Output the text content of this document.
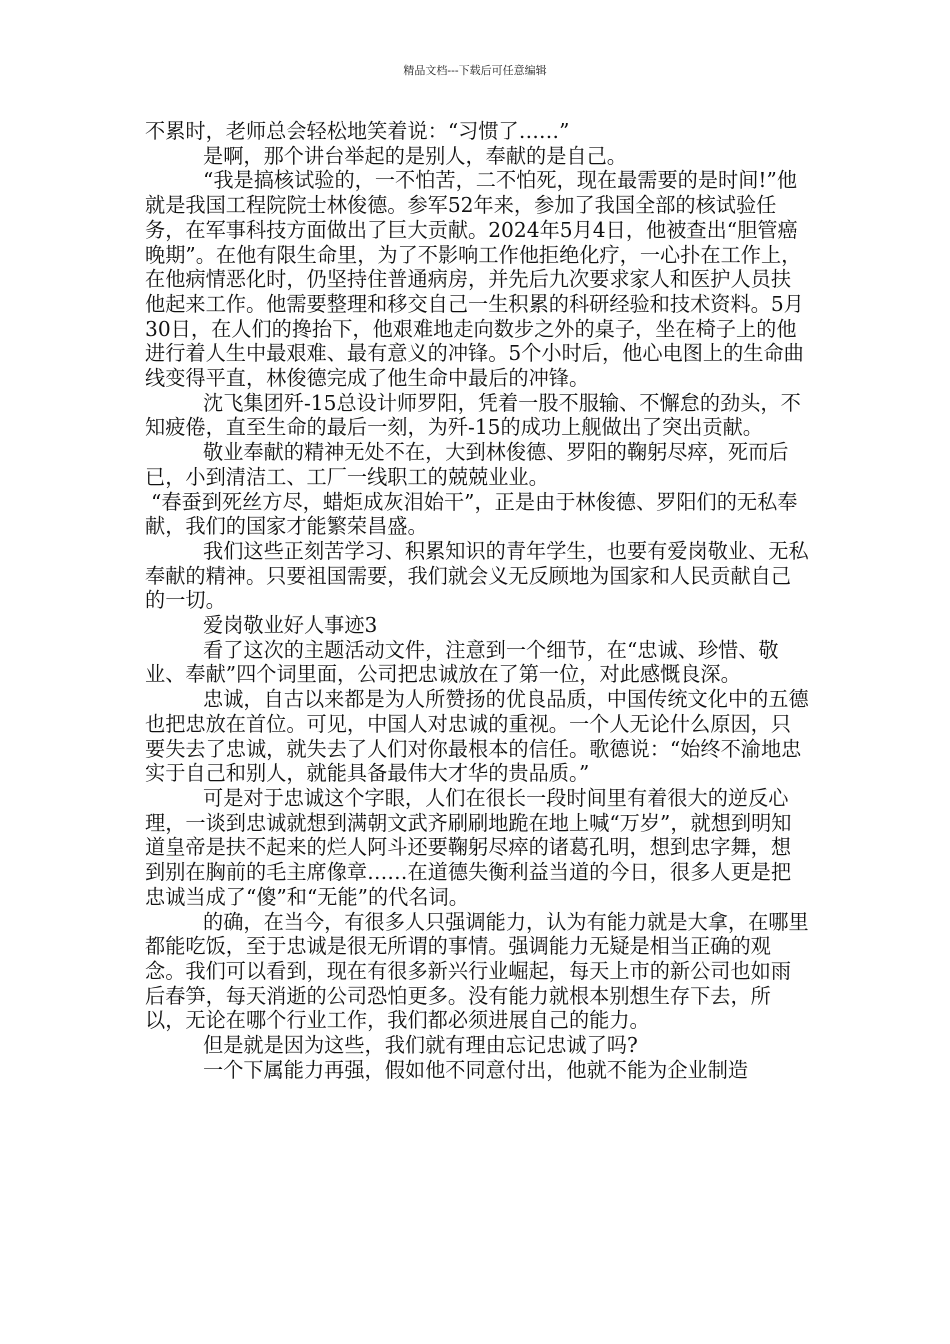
精品文档---下载后可任意编辑

不累时，老师总会轻松地笑着说：“习惯了……”

是啊，那个讲台举起的是别人，奉献的是自己。

“我是搞核试验的，一不怕苦，二不怕死，现在最需要的是时间!”他就是我国工程院院士林俊德。参军52年来，参加了我国全部的核试验任务，在军事科技方面做出了巨大贡献。2024年5月4日，他被查出“胆管癌晚期”。在他有限生命里，为了不影响工作他拒绝化疗，一心扑在工作上，在他病情恶化时，仍坚持住普通病房，并先后九次要求家人和医护人员扶他起来工作。他需要整理和移交自己一生积累的科研经验和技术资料。5月30日，在人们的搀抬下，他艰难地走向数步之外的桌子，坐在椅子上的他进行着人生中最艰难、最有意义的冲锋。5个小时后，他心电图上的生命曲线变得平直，林俊德完成了他生命中最后的冲锋。

沈飞集团歼-15总设计师罗阳，凭着一股不服输、不懈怠的劲头，不知疲倦，直至生命的最后一刻，为歼-15的成功上舰做出了突出贡献。

敬业奉献的精神无处不在，大到林俊德、罗阳的鞠躬尽瘁，死而后已，小到清洁工、工厂一线职工的兢兢业业。

“春蚕到死丝方尽，蜡炬成灰泪始干”，正是由于林俊德、罗阳们的无私奉献，我们的国家才能繁荣昌盛。

我们这些正刻苦学习、积累知识的青年学生，也要有爱岗敬业、无私奉献的精神。只要祖国需要，我们就会义无反顾地为国家和人民贡献自己的一切。

爱岗敬业好人事迹3

看了这次的主题活动文件，注意到一个细节，在“忠诚、珍惜、敬业、奉献”四个词里面，公司把忠诚放在了第一位，对此感慨良深。

忠诚，自古以来都是为人所赞扬的优良品质，中国传统文化中的五德也把忠放在首位。可见，中国人对忠诚的重视。一个人无论什么原因，只要失去了忠诚，就失去了人们对你最根本的信任。歌德说：“始终不渝地忠实于自己和别人，就能具备最伟大才华的贵品质。”

可是对于忠诚这个字眼，人们在很长一段时间里有着很大的逆反心理，一谈到忠诚就想到满朝文武齐刷刷地跪在地上喊“万岁”，就想到明知道皇帝是扶不起来的烂人阿斗还要鞠躬尽瘁的诸葛孔明，想到忠字舞，想到别在胸前的毛主席像章……在道德失衡利益当道的今日，很多人更是把忠诚当成了“傻”和“无能”的代名词。

的确，在当今，有很多人只强调能力，认为有能力就是大拿，在哪里都能吃饭，至于忠诚是很无所谓的事情。强调能力无疑是相当正确的观念。我们可以看到，现在有很多新兴行业崛起，每天上市的新公司也如雨后春笋，每天消逝的公司恐怕更多。没有能力就根本别想生存下去，所以，无论在哪个行业工作，我们都必须进展自己的能力。

但是就是因为这些，我们就有理由忘记忠诚了吗?

一个下属能力再强，假如他不同意付出，他就不能为企业制造
